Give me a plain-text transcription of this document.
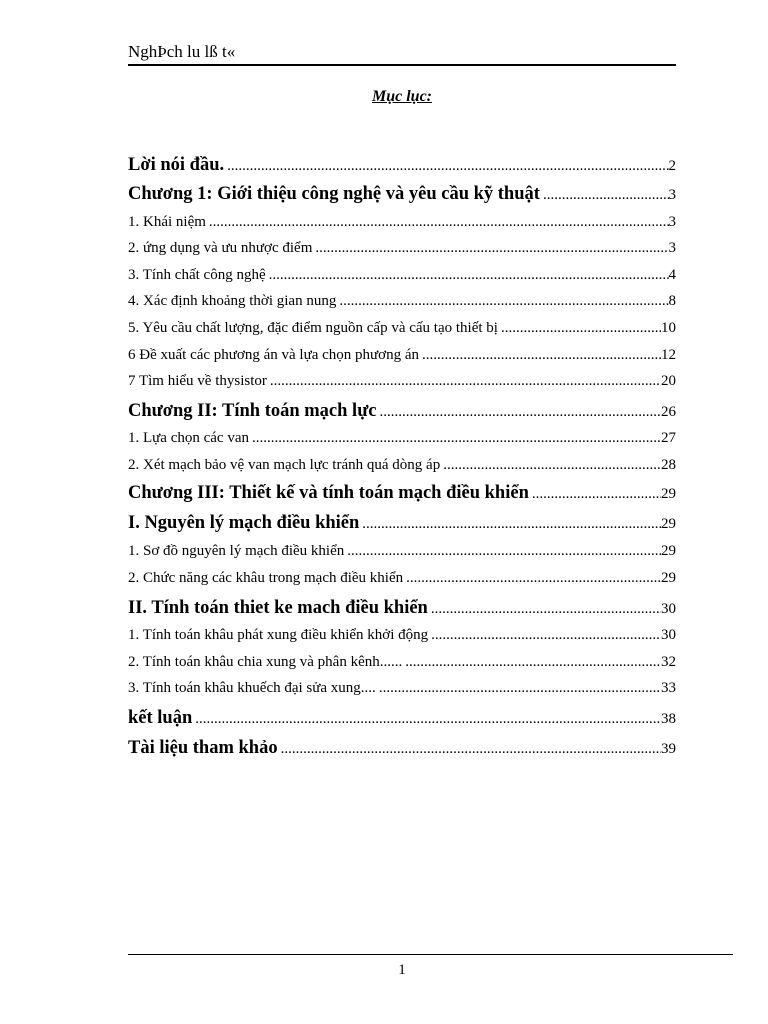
NghÞch lu lß t«
Mục lục:
Lời nói đầu. .....	2
Chương 1: Giới thiệu công nghệ và yêu cầu kỹ thuật .....	3
1. Khái niệm .....	3
2. ứng dụng và ưu nhược điểm .....	3
3. Tính chất công nghệ .....	4
4. Xác định khoảng thời gian nung .....	8
5. Yêu cầu chất lượng, đặc điểm nguồn cấp và cấu tạo thiết bị .....	10
6 Đề xuất các phương án và lựa chọn phương án .....	12
7 Tìm hiểu về thysistor .....	20
Chương II: Tính toán mạch lực .....	26
1. Lựa chọn các van .....	27
2. Xét mạch bảo vệ van mạch lực tránh quá dòng áp .....	28
Chương III: Thiết kế và tính toán mạch điều khiển .....	29
I. Nguyên lý mạch điều khiển .....	29
1. Sơ đồ nguyên lý mạch điều khiển .....	29
2. Chức năng các khâu trong mạch điều khiển .....	29
II. Tính toán thiet ke mach điều khiển .....	30
1. Tính toán khâu phát xung điều khiển khởi động .....	30
2. Tính toán khâu chia xung và phân kênh...... .....	32
3. Tính toán khâu khuếch đại sửa xung.... .....	33
kết luận .....	38
Tài liệu tham khảo .....	39
1
